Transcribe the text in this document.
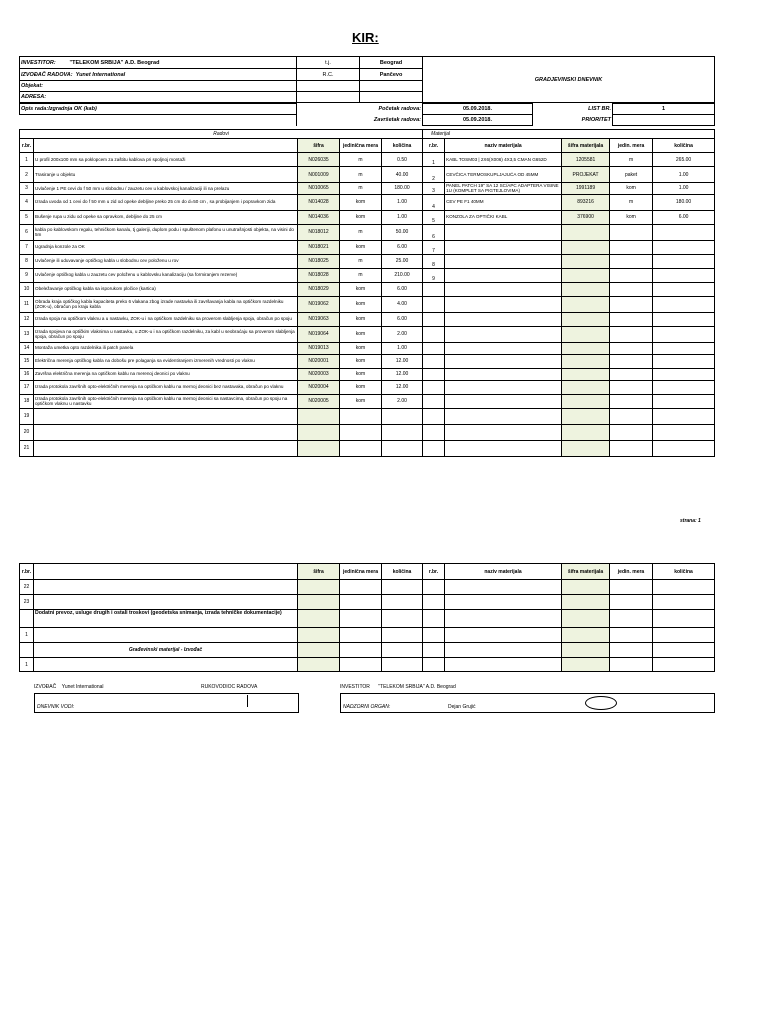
KIR:
INVESTITOR: "TELEKOM SRBIJA" A.D. Beograd	t.j.	Beograd	GRADJEVINSKI DNEVNIK
IZVOĐAČ RADOVA: Yunet International	R.C.	Pančevo	
Objekat:			
ADRESA:			
Opis rada:Izgradnja OK (kab)	Početak radova:	05.09.2018.	LIST BR.	1
	Završetak radova:	05.09.2018.	PRIORITET	
Radovi					Materijal				
r.br.		šifra	jedinična mera	količina	r.br.	naziv materijala	šifra materijala	jedin. mera	količina
1	U profil 200x100 mm sa poklopcem za zaštitu kablova pri spoljnoj montaži	N026035	m	0.50	1	KABL TOSM03 | 2X6(X006) 4X3,5 CMAN G652D	1205581	m	265.00
2	Trasiranje u objektu	N001009	m	40.00	2	CEVČICA TERMOSKUPLJAJUĆA OD 45MM	PROJEKAT	paket	1.00
3	Uvlačenje 1 PE cevi do f 50 mm u slobodnu / zauzetu cev u kablovskoj kanalizaciji ili na prelazu	N010065	m	180.00	3	PANEL PATCH 19" SA 12 SC/APC ADAPTERA VISINE 1U (KOMPLET SA PIGTEJLOVIMA)	1991189	kom	1.00
4	Izrada uvoda od 1 cevi do f 50 mm u zid od opeke debljine preko 25 cm do d=50 cm , sa probijanjem i popravkom zida	N014028	kom	1.00	4	CEV PE F1 40MM	893216	m	180.00
5	Bušenje rupa u zidu od opeke sa opravkom, debljine do 25 cm	N014036	kom	1.00	5	KONZOLA ZA OPTIČKI KABL	376900	kom	6.00
6	kabla po kablovskom regalu, tehničkom kanalu, tj galeriji, duplom podu i spuštenom plafonu u unutrašnjosti objekta, na visini do 5m	N018012	m	50.00	6				
7	Ugradnja konzole za OK	N018021	kom	6.00	7				
8	Uvlačenje ili uduvavanje optičkog kabla u slobodnu cev položenu u rov	N018025	m	25.00	8				
9	Uvlačenje optičkog kabla u zauzetu cev položenu u kablovsku kanalizaciju (sa formiranjem rezerve)	N018028	m	210.00	9				
10	Obeležavanje optičkog kabla sa isporukom pločice (kartica)	N018029	kom	6.00					
11	Obrada kraja optičkog kabla kapaciteta preko 6 vlakana zbog izrade nastavka ili završavanja kabla na optičkom razdelniku (ZOK-u), obračun po kraju kabla	N019062	kom	4.00					
12	Izrada spoja na optičkom vlaknu a u nastavku, ZOK-u i na optičkom razdelniku sa proverom slabljenja spoja, obračun po spoju	N019063	kom	6.00					
13	Izrada spojeva na optičkim vlaknima u nastavku, u ZOK-u i na optičkom razdelniku, za kabl u seobraćaju sa proverom slabljenja spoja, obračun po spoju	N019064	kom	2.00					
14	Montaža umetka opto razdelnika ili patch panela	N019013	kom	1.00					
15	Električna merenja optičkog kabla na dobošu pre polaganja sa evidentiranjem izmerenih vrednosti po vlaknu	N020001	kom	12.00					
16	Završna električna merenja na optičkom kablu na merenoj deonici po vlaknu	N020003	kom	12.00					
17	Izrada protokola završnih opto-električnih merenja na optičkom kablu na mernoj deonici bez nastavaka, obračun po vlaknu	N020004	kom	12.00					
18	Izrada protokola završnih opto-električnih merenja na optičkom kablu na mernoj deonici sa nastavcima, obračun po spoju na optičkom vlaknu u nastavku	N020005	kom	2.00					
19									
20									
21									
strana: 1
r.br.		šifra	jedinična mera	količina	r.br.	naziv materijala	šifra materijala	jedin. mera	količina
22									
23									
	Dodatni prevoz, usluge drugih i ostali troskovi (geodetska snimanja, izrada tehničke dokumentacije)								
1									
	Građevinski materijal - Izvođač								
1									
IZVOĐAČ Yunet International	RUKOVODIOC RADOVA	INVESTITOR "TELEKOM SRBIJA" A.D. Beograd
DNEVNIK VODI:	NADZORNI ORGAN:	Dejan Grujić
